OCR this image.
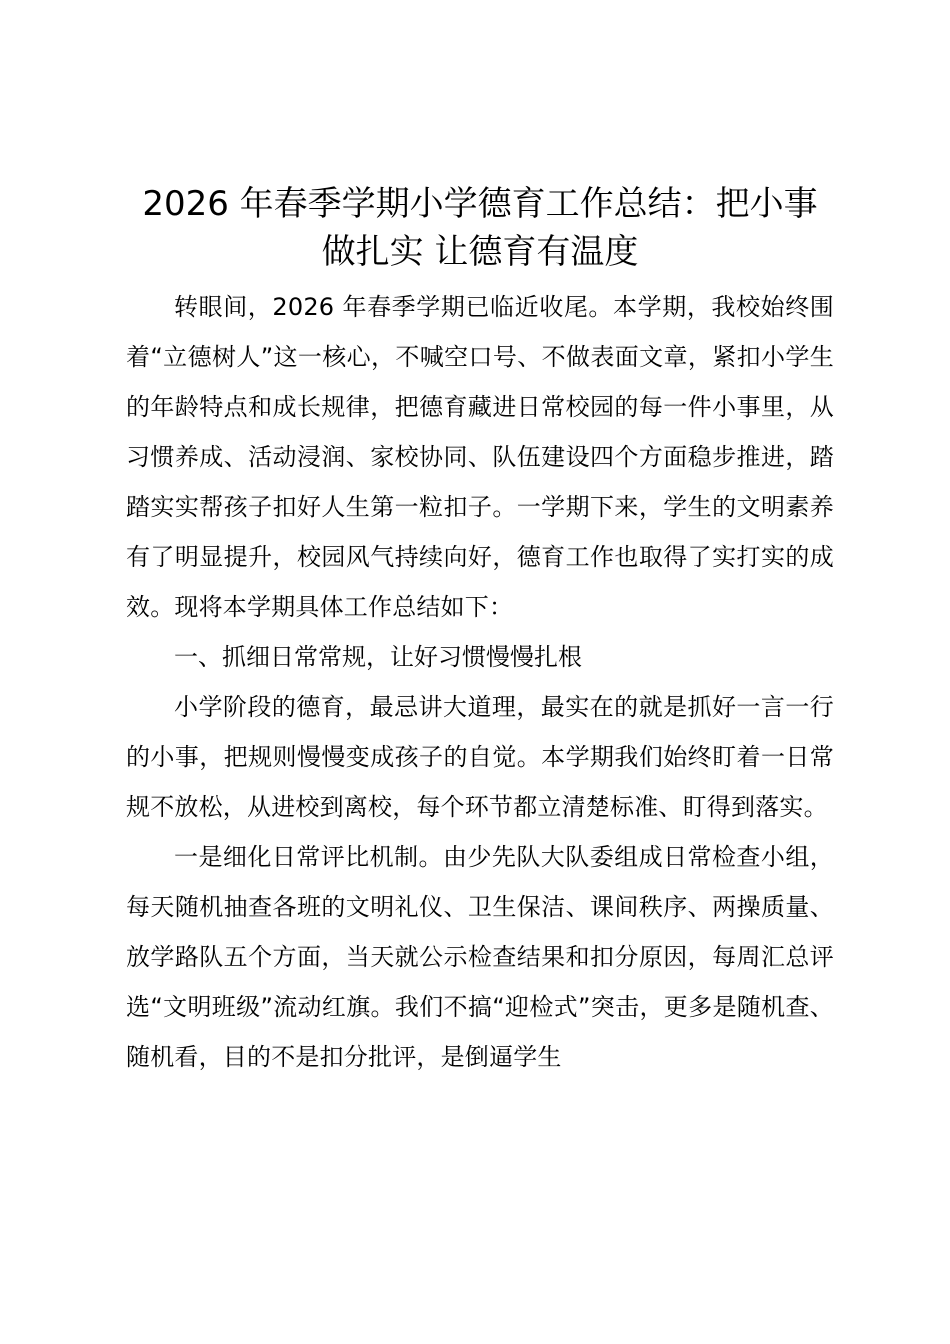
2026 年春季学期小学德育工作总结：把小事
做扎实 让德育有温度

转眼间，2026 年春季学期已临近收尾。本学期，我校始终围着“立德树人”这一核心，不喊空口号、不做表面文章，紧扣小学生的年龄特点和成长规律，把德育藏进日常校园的每一件小事里，从习惯养成、活动浸润、家校协同、队伍建设四个方面稳步推进，踏踏实实帮孩子扣好人生第一粒扣子。一学期下来，学生的文明素养有了明显提升，校园风气持续向好，德育工作也取得了实打实的成效。现将本学期具体工作总结如下：

一、抓细日常常规，让好习惯慢慢扎根

小学阶段的德育，最忌讲大道理，最实在的就是抓好一言一行的小事，把规则慢慢变成孩子的自觉。本学期我们始终盯着一日常规不放松，从进校到离校，每个环节都立清楚标准、盯得到落实。

一是细化日常评比机制。由少先队大队委组成日常检查小组，每天随机抽查各班的文明礼仪、卫生保洁、课间秩序、两操质量、放学路队五个方面，当天就公示检查结果和扣分原因，每周汇总评选“文明班级”流动红旗。我们不搞“迎检式”突击，更多是随机查、随机看，目的不是扣分批评，是倒逼学生
